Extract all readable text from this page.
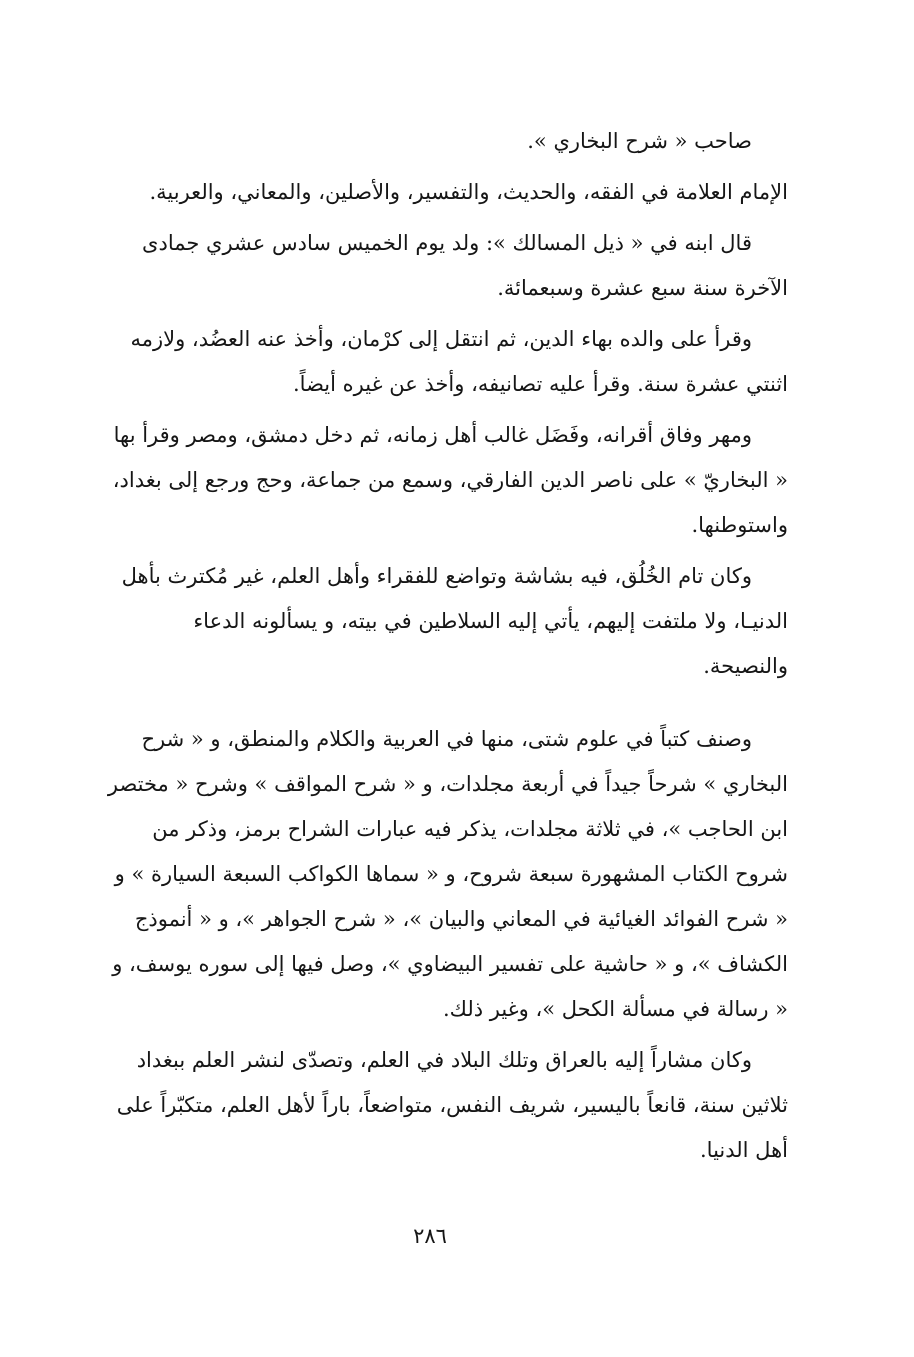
صاحب « شرح البخاري ».

الإمام العلامة في الفقه، والحديث، والتفسير، والأصلين، والمعاني، والعربية.

قال ابنه في « ذيل المسالك »: ولد يوم الخميس سادس عشري جمادى الآخرة سنة سبع عشرة وسبعمائة.

وقرأ على والده بهاء الدين، ثم انتقل إلى كرْمان، وأخذ عنه العضُد، ولازمه اثنتي عشرة سنة. وقرأ عليه تصانيفه، وأخذ عن غيره أيضاً.

ومهر وفاق أقرانه، وفَضَل غالب أهل زمانه، ثم دخل دمشق، ومصر وقرأ بها « البخاريّ » على ناصر الدين الفارقي، وسمع من جماعة، وحج ورجع إلى بغداد، واستوطنها.

وكان تام الخُلُق، فيه بشاشة وتواضع للفقراء وأهل العلم، غير مُكترث بأهل الدنيـا، ولا ملتفت إليهم، يأتي إليه السلاطين في بيته، و يسألونه الدعاء والنصيحة.

وصنف كتباً في علوم شتى، منها في العربية والكلام والمنطق، و « شرح البخاري » شرحاً جيداً في أربعة مجلدات، و « شرح المواقف » وشرح « مختصر ابن الحاجب »، في ثلاثة مجلدات، يذكر فيه عبارات الشراح برمز، وذكر من شروح الكتاب المشهورة سبعة شروح، و « سماها الكواكب السبعة السيارة » و « شرح الفوائد الغيائية في المعاني والبيان »، « شرح الجواهر »، و « أنموذج الكشاف »، و « حاشية على تفسير البيضاوي »، وصل فيها إلى سوره يوسف، و « رسالة في مسألة الكحل »، وغير ذلك.

وكان مشاراً إليه بالعراق وتلك البلاد في العلم، وتصدّى لنشر العلم ببغداد ثلاثين سنة، قانعاً باليسير، شريف النفس، متواضعاً، باراً لأهل العلم، متكبّراً على أهل الدنيا.

٢٨٦
